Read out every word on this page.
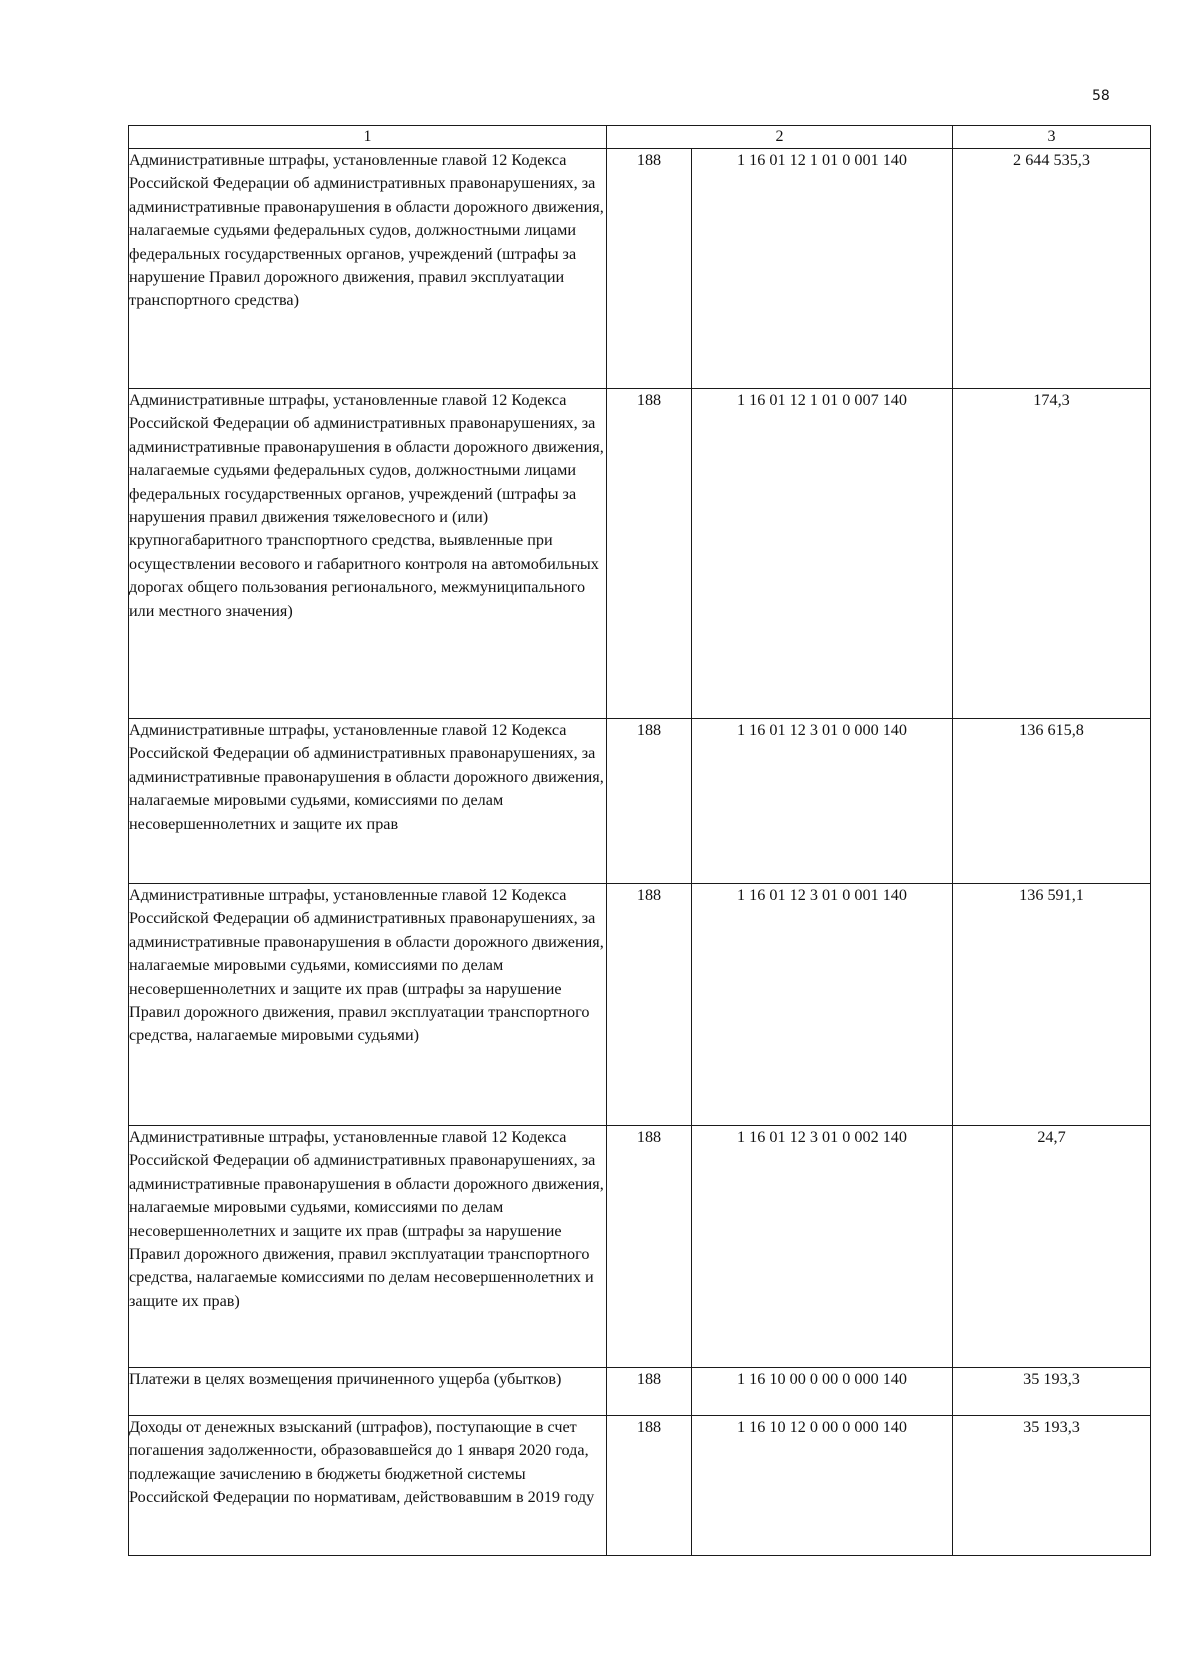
58
1	2		3
Административные штрафы, установленные главой 12 Кодекса Российской Федерации об административных правонарушениях, за административные правонарушения в области дорожного движения, налагаемые судьями федеральных судов, должностными лицами федеральных государственных органов, учреждений (штрафы за нарушение Правил дорожного движения, правил эксплуатации транспортного средства)	188	1 16 01 12 1 01 0 001 140	2 644 535,3
Административные штрафы, установленные главой 12 Кодекса Российской Федерации об административных правонарушениях, за административные правонарушения в области дорожного движения, налагаемые судьями федеральных судов, должностными лицами федеральных государственных органов, учреждений (штрафы за нарушения правил движения тяжеловесного и (или) крупногабаритного транспортного средства, выявленные при осуществлении весового и габаритного контроля на автомобильных дорогах общего пользования регионального, межмуниципального или местного значения)	188	1 16 01 12 1 01 0 007 140	174,3
Административные штрафы, установленные главой 12 Кодекса Российской Федерации об административных правонарушениях, за административные правонарушения в области дорожного движения, налагаемые мировыми судьями, комиссиями по делам несовершеннолетних и защите их прав	188	1 16 01 12 3 01 0 000 140	136 615,8
Административные штрафы, установленные главой 12 Кодекса Российской Федерации об административных правонарушениях, за административные правонарушения в области дорожного движения, налагаемые мировыми судьями, комиссиями по делам несовершеннолетних и защите их прав (штрафы за нарушение Правил дорожного движения, правил эксплуатации транспортного средства, налагаемые мировыми судьями)	188	1 16 01 12 3 01 0 001 140	136 591,1
Административные штрафы, установленные главой 12 Кодекса Российской Федерации об административных правонарушениях, за административные правонарушения в области дорожного движения, налагаемые мировыми судьями, комиссиями по делам несовершеннолетних и защите их прав (штрафы за нарушение Правил дорожного движения, правил эксплуатации транспортного средства, налагаемые комиссиями по делам несовершеннолетних и защите их прав)	188	1 16 01 12 3 01 0 002 140	24,7
Платежи в целях возмещения причиненного ущерба (убытков)	188	1 16 10 00 0 00 0 000 140	35 193,3
Доходы от денежных взысканий (штрафов), поступающие в счет погашения задолженности, образовавшейся до 1 января 2020 года, подлежащие зачислению в бюджеты бюджетной системы Российской Федерации по нормативам, действовавшим в 2019 году	188	1 16 10 12 0 00 0 000 140	35 193,3
